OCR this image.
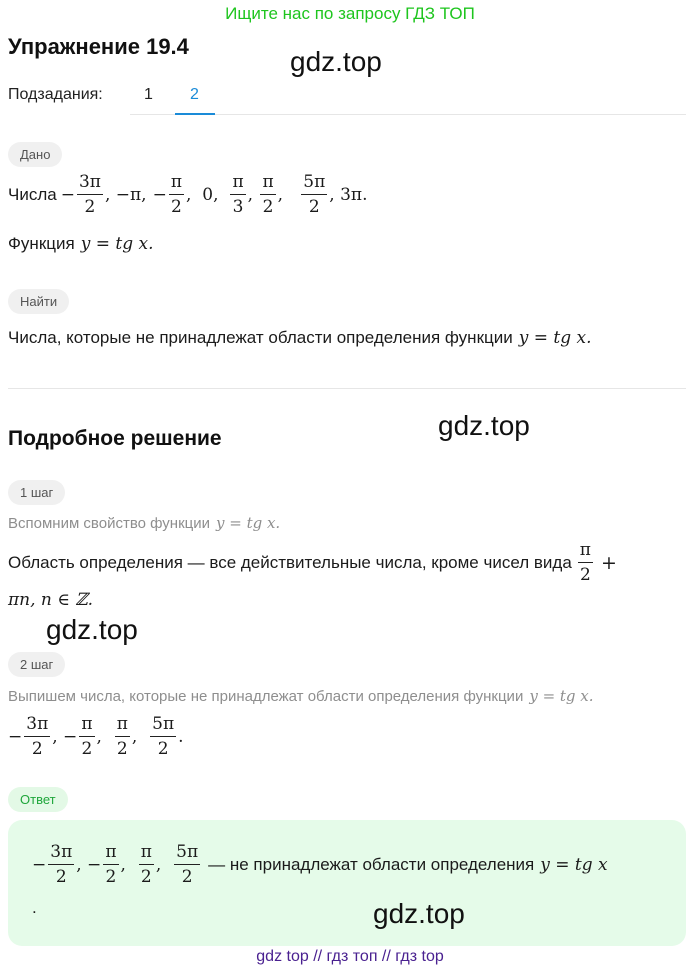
Ищите нас по запросу ГДЗ ТОП
Упражнение 19.4	gdz.top
Подзадания:	1 2
Дано
Числа − $\frac{3\pi}{2}$ , −π, − $\frac{\pi}{2}$ , 0, $\frac{\pi}{3}$ , $\frac{\pi}{2}$ , $\frac{5\pi}{2}$ , 3π.
Функция y = tg x.
Найти
Числа, которые не принадлежат области определения функции y = tg x.
Подробное решение	gdz.top
1 шаг
Вспомним свойство функции y = tg x.
Область определения — все действительные числа, кроме чисел вида $\frac{\pi}{2}$ +
πn, n ∈ ℤ.
gdz.top
2 шаг
Выпишем числа, которые не принадлежат области определения функции y = tg x.
− $\frac{3\pi}{2}$ , − $\frac{\pi}{2}$ , $\frac{\pi}{2}$ , $\frac{5\pi}{2}$ .
Ответ
− $\frac{3\pi}{2}$ , − $\frac{\pi}{2}$ , $\frac{\pi}{2}$ , $\frac{5\pi}{2}$ — не принадлежат области определения y = tg x
.	gdz.top
gdz top // гдз топ // гдз top
